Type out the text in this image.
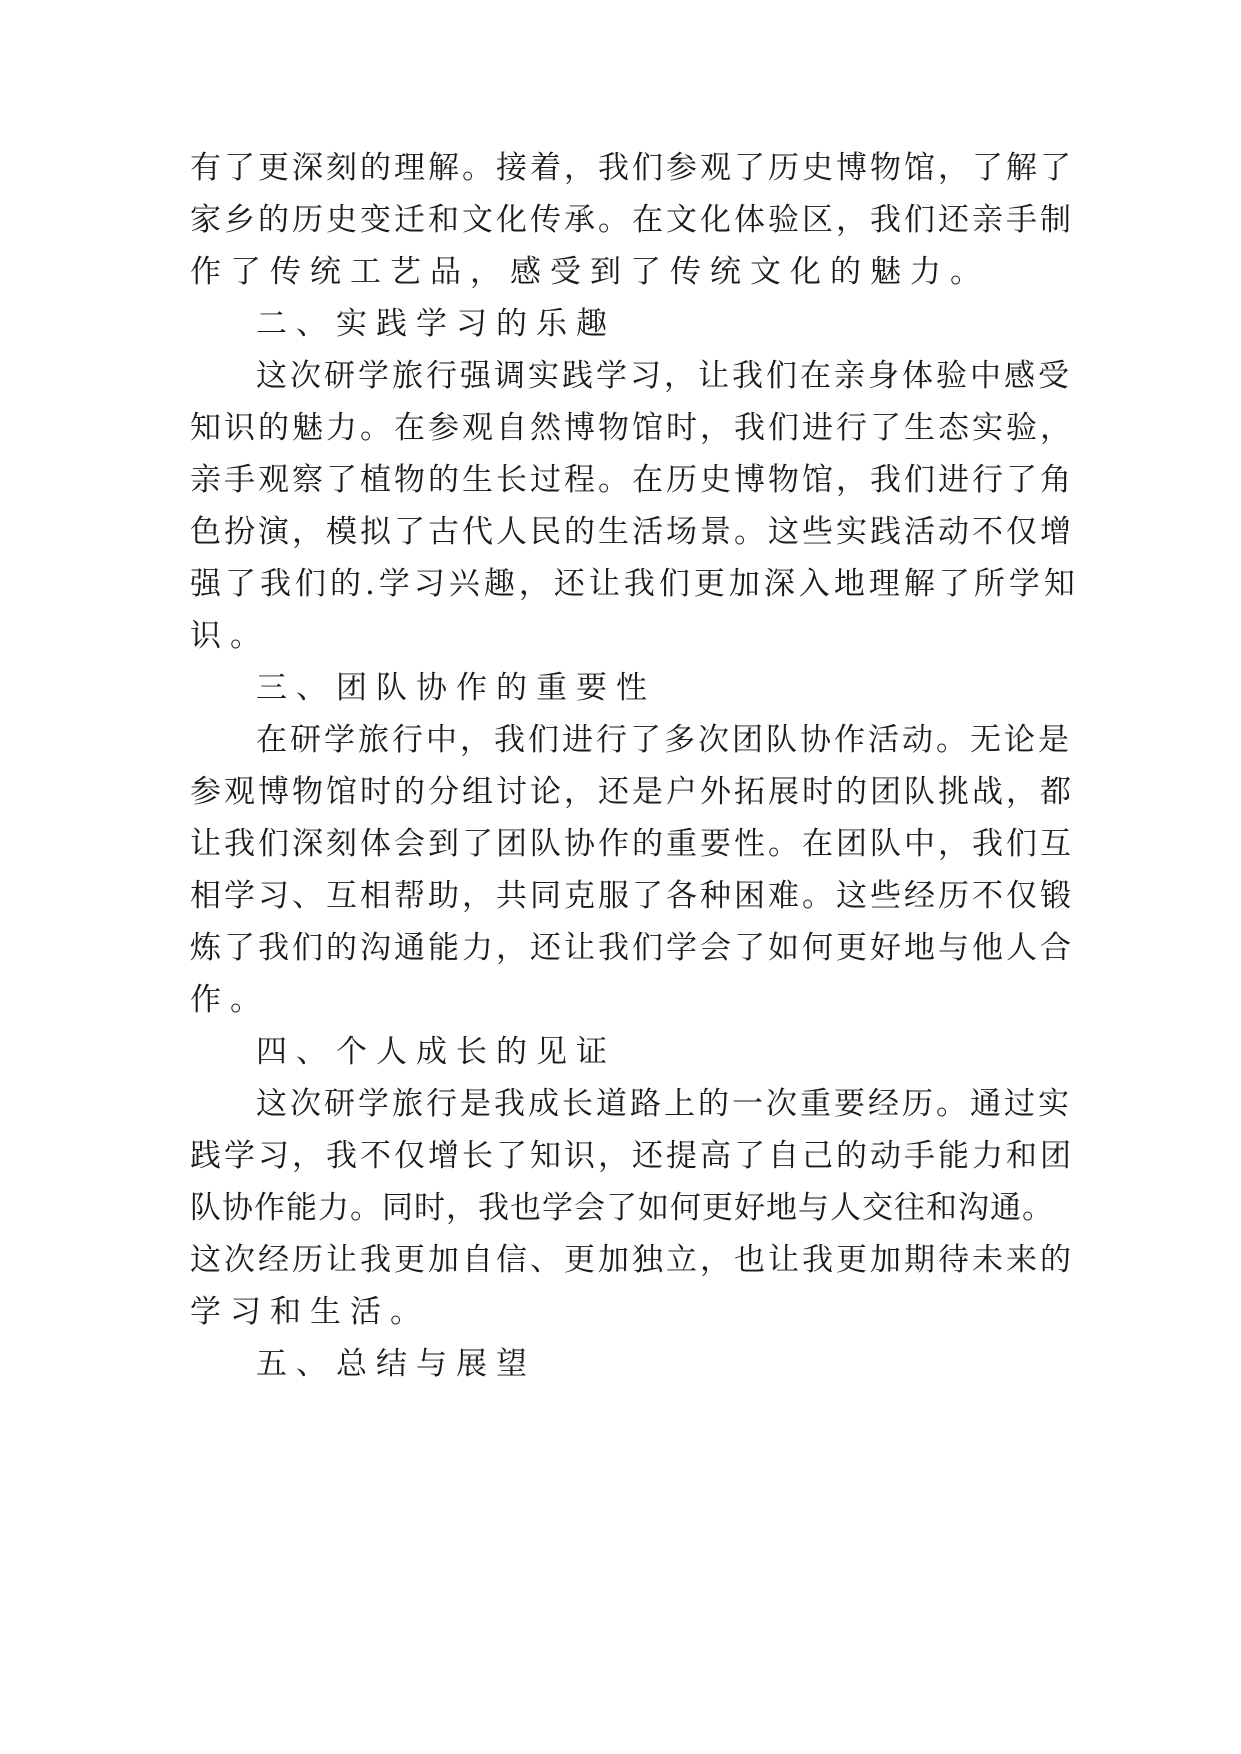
有了更深刻的理解。接着，我们参观了历史博物馆，了解了
家乡的历史变迁和文化传承。在文化体验区，我们还亲手制
作了传统工艺品，感受到了传统文化的魅力。
二、实践学习的乐趣
这次研学旅行强调实践学习，让我们在亲身体验中感受
知识的魅力。在参观自然博物馆时，我们进行了生态实验，
亲手观察了植物的生长过程。在历史博物馆，我们进行了角
色扮演，模拟了古代人民的生活场景。这些实践活动不仅增
强了我们的.学习兴趣，还让我们更加深入地理解了所学知
识。
三、团队协作的重要性
在研学旅行中，我们进行了多次团队协作活动。无论是
参观博物馆时的分组讨论，还是户外拓展时的团队挑战，都
让我们深刻体会到了团队协作的重要性。在团队中，我们互
相学习、互相帮助，共同克服了各种困难。这些经历不仅锻
炼了我们的沟通能力，还让我们学会了如何更好地与他人合
作。
四、个人成长的见证
这次研学旅行是我成长道路上的一次重要经历。通过实
践学习，我不仅增长了知识，还提高了自己的动手能力和团
队协作能力。同时，我也学会了如何更好地与人交往和沟通。
这次经历让我更加自信、更加独立，也让我更加期待未来的
学习和生活。
五、总结与展望
